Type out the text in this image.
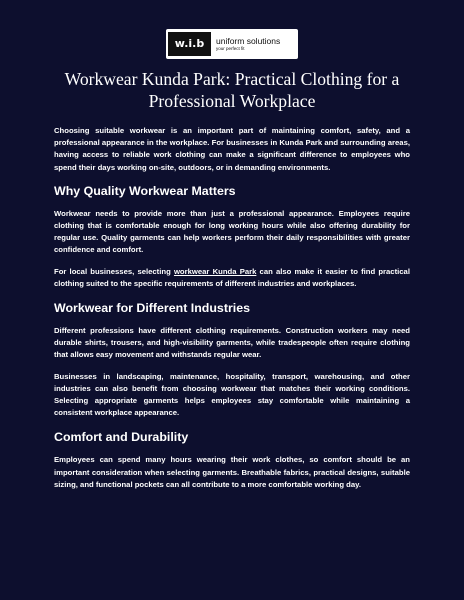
w.i.b	uniform solutions
your perfect fit
Workwear Kunda Park: Practical Clothing for a Professional Workplace

Choosing suitable workwear is an important part of maintaining comfort, safety, and a professional appearance in the workplace. For businesses in Kunda Park and surrounding areas, having access to reliable work clothing can make a significant difference to employees who spend their days working on-site, outdoors, or in demanding environments.

Why Quality Workwear Matters

Workwear needs to provide more than just a professional appearance. Employees require clothing that is comfortable enough for long working hours while also offering durability for regular use. Quality garments can help workers perform their daily responsibilities with greater confidence and comfort.

For local businesses, selecting workwear Kunda Park can also make it easier to find practical clothing suited to the specific requirements of different industries and workplaces.

Workwear for Different Industries

Different professions have different clothing requirements. Construction workers may need durable shirts, trousers, and high-visibility garments, while tradespeople often require clothing that allows easy movement and withstands regular wear.

Businesses in landscaping, maintenance, hospitality, transport, warehousing, and other industries can also benefit from choosing workwear that matches their working conditions. Selecting appropriate garments helps employees stay comfortable while maintaining a consistent workplace appearance.

Comfort and Durability

Employees can spend many hours wearing their work clothes, so comfort should be an important consideration when selecting garments. Breathable fabrics, practical designs, suitable sizing, and functional pockets can all contribute to a more comfortable working day.
